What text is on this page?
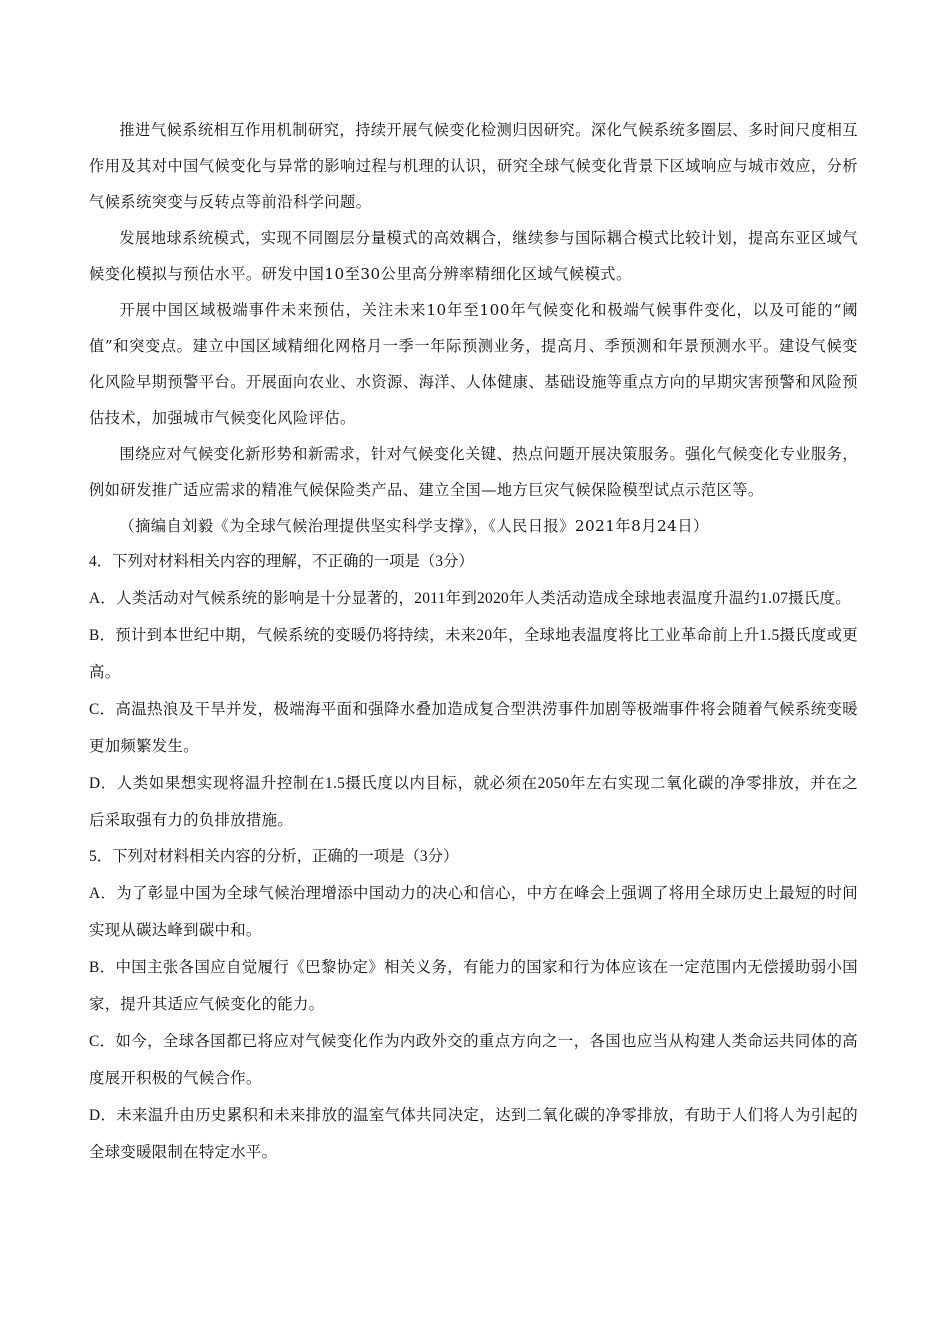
推进气候系统相互作用机制研究，持续开展气候变化检测归因研究。深化气候系统多圈层、多时间尺度相互作用及其对中国气候变化与异常的影响过程与机理的认识，研究全球气候变化背景下区域响应与城市效应，分析气候系统突变与反转点等前沿科学问题。

发展地球系统模式，实现不同圈层分量模式的高效耦合，继续参与国际耦合模式比较计划，提高东亚区域气候变化模拟与预估水平。研发中国10至30公里高分辨率精细化区域气候模式。

开展中国区域极端事件未来预估，关注未来10年至100年气候变化和极端气候事件变化，以及可能的“阈值”和突变点。建立中国区域精细化网格月一季一年际预测业务，提高月、季预测和年景预测水平。建设气候变化风险早期预警平台。开展面向农业、水资源、海洋、人体健康、基础设施等重点方向的早期灾害预警和风险预估技术，加强城市气候变化风险评估。

围绕应对气候变化新形势和新需求，针对气候变化关键、热点问题开展决策服务。强化气候变化专业服务，例如研发推广适应需求的精准气候保险类产品、建立全国—地方巨灾气候保险模型试点示范区等。

（摘编自刘毅《为全球气候治理提供坚实科学支撑》，《人民日报》2021年8月24日）

4．下列对材料相关内容的理解，不正确的一项是（3分）

A．人类活动对气候系统的影响是十分显著的，2011年到2020年人类活动造成全球地表温度升温约1.07摄氏度。

B．预计到本世纪中期，气候系统的变暖仍将持续，未来20年，全球地表温度将比工业革命前上升1.5摄氏度或更高。

C．高温热浪及干旱并发，极端海平面和强降水叠加造成复合型洪涝事件加剧等极端事件将会随着气候系统变暖更加频繁发生。

D．人类如果想实现将温升控制在1.5摄氏度以内目标，就必须在2050年左右实现二氧化碳的净零排放，并在之后采取强有力的负排放措施。

5．下列对材料相关内容的分析，正确的一项是（3分）

A．为了彰显中国为全球气候治理增添中国动力的决心和信心，中方在峰会上强调了将用全球历史上最短的时间实现从碳达峰到碳中和。

B．中国主张各国应自觉履行《巴黎协定》相关义务，有能力的国家和行为体应该在一定范围内无偿援助弱小国家，提升其适应气候变化的能力。

C．如今，全球各国都已将应对气候变化作为内政外交的重点方向之一，各国也应当从构建人类命运共同体的高度展开积极的气候合作。

D．未来温升由历史累积和未来排放的温室气体共同决定，达到二氧化碳的净零排放，有助于人们将人为引起的全球变暖限制在特定水平。
